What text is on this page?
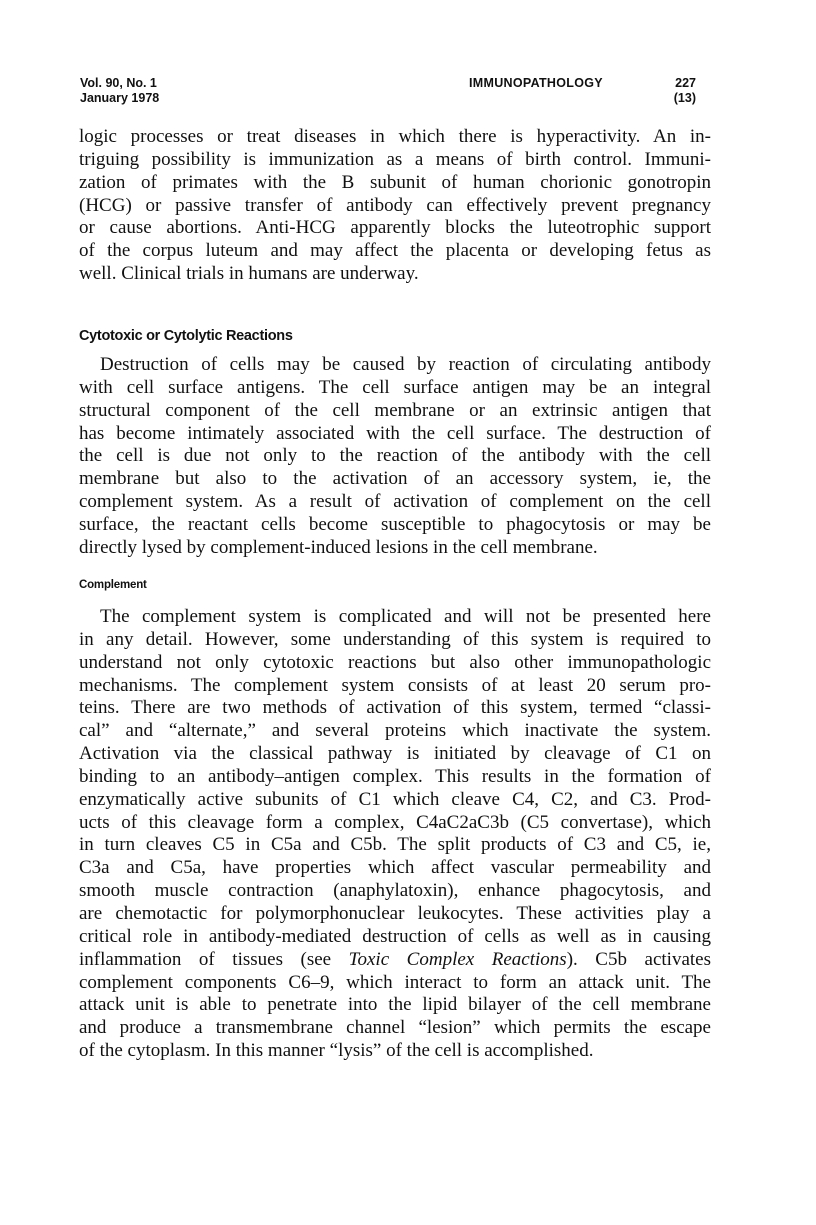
Vol. 90, No. 1
January 1978
IMMUNOPATHOLOGY	227
(13)
logic processes or treat diseases in which there is hyperactivity. An in-
triguing possibility is immunization as a means of birth control. Immuni-
zation of primates with the B subunit of human chorionic gonotropin
(HCG) or passive transfer of antibody can effectively prevent pregnancy
or cause abortions. Anti-HCG apparently blocks the luteotrophic support
of the corpus luteum and may affect the placenta or developing fetus as
well. Clinical trials in humans are underway.
Cytotoxic or Cytolytic Reactions
Destruction of cells may be caused by reaction of circulating antibody
with cell surface antigens. The cell surface antigen may be an integral
structural component of the cell membrane or an extrinsic antigen that
has become intimately associated with the cell surface. The destruction of
the cell is due not only to the reaction of the antibody with the cell
membrane but also to the activation of an accessory system, ie, the
complement system. As a result of activation of complement on the cell
surface, the reactant cells become susceptible to phagocytosis or may be
directly lysed by complement-induced lesions in the cell membrane.
Complement
The complement system is complicated and will not be presented here
in any detail. However, some understanding of this system is required to
understand not only cytotoxic reactions but also other immunopathologic
mechanisms. The complement system consists of at least 20 serum pro-
teins. There are two methods of activation of this system, termed “classi-
cal” and “alternate,” and several proteins which inactivate the system.
Activation via the classical pathway is initiated by cleavage of C1 on
binding to an antibody–antigen complex. This results in the formation of
enzymatically active subunits of C1 which cleave C4, C2, and C3. Prod-
ucts of this cleavage form a complex, C4aC2aC3b (C5 convertase), which
in turn cleaves C5 in C5a and C5b. The split products of C3 and C5, ie,
C3a and C5a, have properties which affect vascular permeability and
smooth muscle contraction (anaphylatoxin), enhance phagocytosis, and
are chemotactic for polymorphonuclear leukocytes. These activities play a
critical role in antibody-mediated destruction of cells as well as in causing
inflammation of tissues (see Toxic Complex Reactions). C5b activates
complement components C6–9, which interact to form an attack unit. The
attack unit is able to penetrate into the lipid bilayer of the cell membrane
and produce a transmembrane channel “lesion” which permits the escape
of the cytoplasm. In this manner “lysis” of the cell is accomplished.
